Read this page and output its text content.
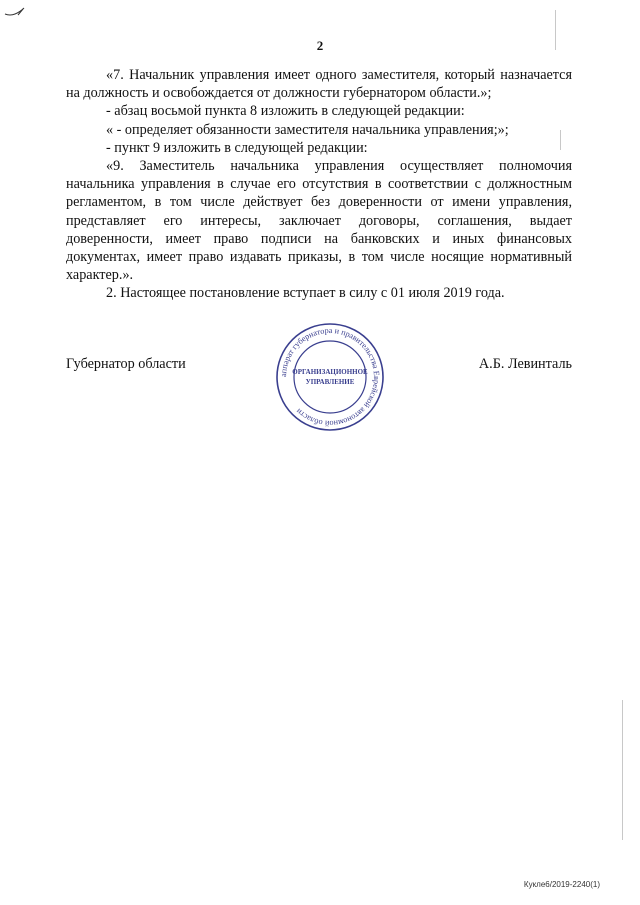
2

«7. Начальник управления имеет одного заместителя, который назначается на должность и освобождается от должности губернатором области.»;

- абзац восьмой пункта 8 изложить в следующей редакции:

« - определяет обязанности заместителя начальника управления;»;

- пункт 9 изложить в следующей редакции:

«9. Заместитель начальника управления осуществляет полномочия начальника управления в случае его отсутствия в соответствии с должностным регламентом, в том числе действует без доверенности от имени управления, представляет его интересы, заключает договоры, соглашения, выдает доверенности, имеет право подписи на банковских и иных финансовых документах, имеет право издавать приказы, в том числе носящие нормативный характер.».

2. Настоящее постановление вступает в силу с 01 июля 2019 года.

Губернатор области	А.Б. Левинталь
аппарат губернатора и правительства Еврейской автономной области
ОРГАНИЗАЦИОННОЕ
УПРАВЛЕНИЕ
Кукле6/2019-2240(1)
